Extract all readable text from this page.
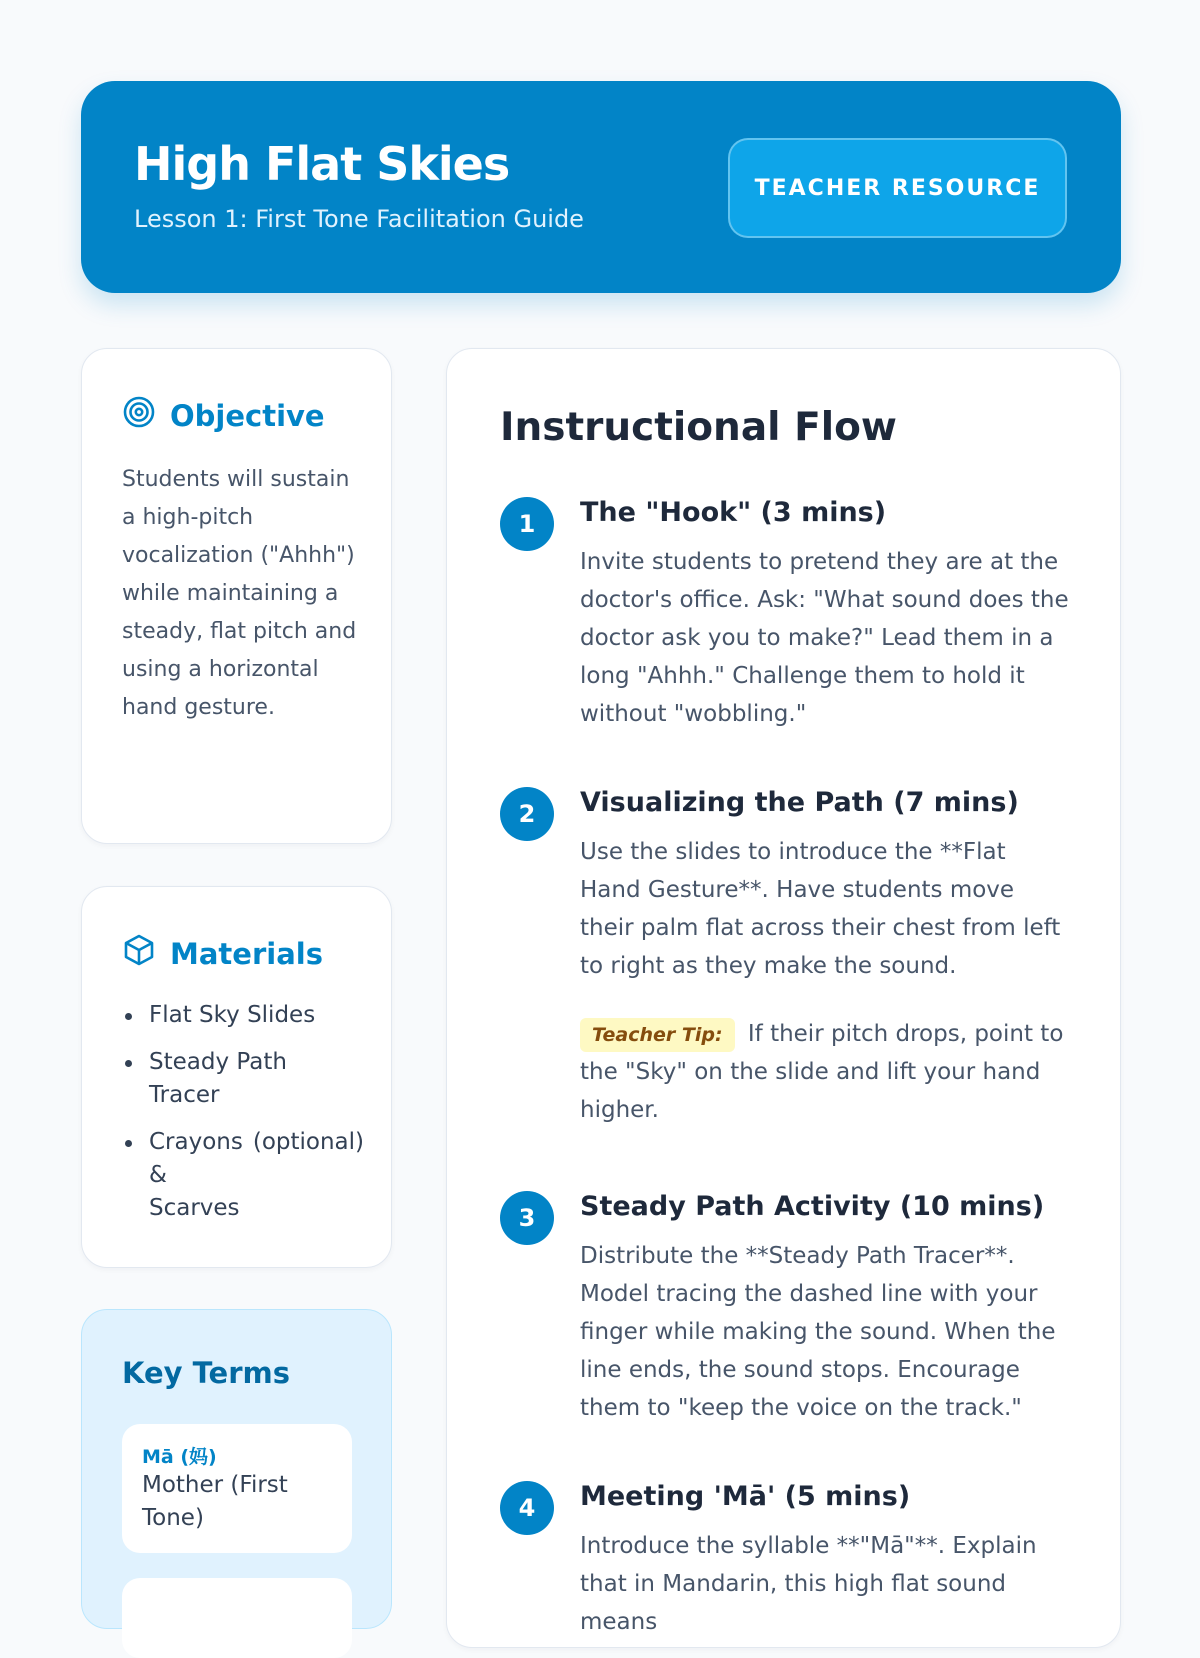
High Flat Skies
Lesson 1: First Tone Facilitation Guide
TEACHER RESOURCE
Objective
Students will sustain a high-pitch vocalization ("Ahhh") while maintaining a steady, flat pitch and using a horizontal hand gesture.
Materials
Flat Sky Slides
Steady Path Tracer
Crayons (optional)
&
Scarves
Key Terms
Mā (妈)
Mother (First Tone)
Instructional Flow
1	The "Hook" (3 mins)
Invite students to pretend they are at the doctor's office. Ask: "What sound does the doctor ask you to make?" Lead them in a long "Ahhh." Challenge them to hold it without "wobbling."
2	Visualizing the Path (7 mins)
Use the slides to introduce the **Flat Hand Gesture**. Have students move their palm flat across their chest from left to right as they make the sound.
Teacher Tip: If their pitch drops, point to the "Sky" on the slide and lift your hand higher.
3	Steady Path Activity (10 mins)
Distribute the **Steady Path Tracer**. Model tracing the dashed line with your finger while making the sound. When the line ends, the sound stops. Encourage them to "keep the voice on the track."
4	Meeting 'Mā' (5 mins)
Introduce the syllable **"Mā"**. Explain that in Mandarin, this high flat sound means
